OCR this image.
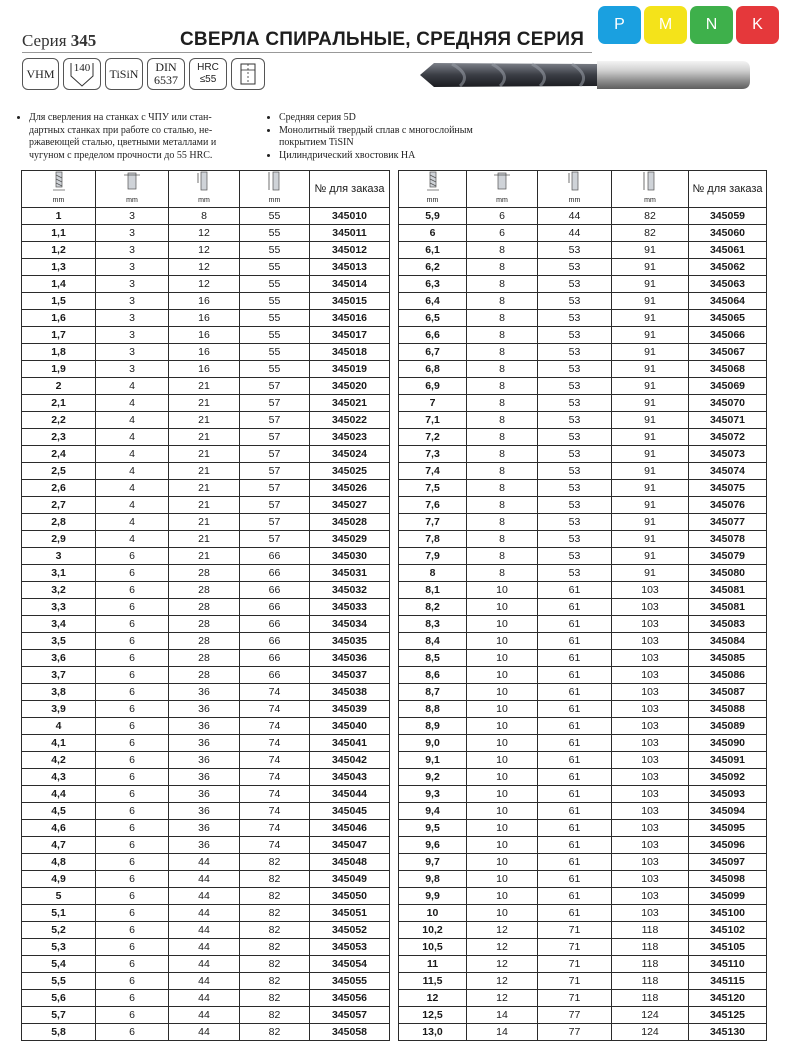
Серия 345	СВЕРЛА СПИРАЛЬНЫЕ, СРЕДНЯЯ СЕРИЯ
P M N K
VHM 140 TiSiN DIN
6537
HRC
≤55
• Для сверления на станках с ЧПУ или стан-
дартных станках при работе со сталью, не-
ржавеющей сталью, цветными металлами и
чугуном с пределом прочности до 55 HRC.
• Средняя серия 5D
• Монолитный твердый сплав с многослойным
покрытием TiSIN
• Цилиндрический хвостовик HA
mm	mm	mm	mm	№ для заказа
1	3	8	55	345010
1,1	3	12	55	345011
1,2	3	12	55	345012
1,3	3	12	55	345013
1,4	3	12	55	345014
1,5	3	16	55	345015
1,6	3	16	55	345016
1,7	3	16	55	345017
1,8	3	16	55	345018
1,9	3	16	55	345019
2	4	21	57	345020
2,1	4	21	57	345021
2,2	4	21	57	345022
2,3	4	21	57	345023
2,4	4	21	57	345024
2,5	4	21	57	345025
2,6	4	21	57	345026
2,7	4	21	57	345027
2,8	4	21	57	345028
2,9	4	21	57	345029
3	6	21	66	345030
3,1	6	28	66	345031
3,2	6	28	66	345032
3,3	6	28	66	345033
3,4	6	28	66	345034
3,5	6	28	66	345035
3,6	6	28	66	345036
3,7	6	28	66	345037
3,8	6	36	74	345038
3,9	6	36	74	345039
4	6	36	74	345040
4,1	6	36	74	345041
4,2	6	36	74	345042
4,3	6	36	74	345043
4,4	6	36	74	345044
4,5	6	36	74	345045
4,6	6	36	74	345046
4,7	6	36	74	345047
4,8	6	44	82	345048
4,9	6	44	82	345049
5	6	44	82	345050
5,1	6	44	82	345051
5,2	6	44	82	345052
5,3	6	44	82	345053
5,4	6	44	82	345054
5,5	6	44	82	345055
5,6	6	44	82	345056
5,7	6	44	82	345057
5,8	6	44	82	345058
mm	mm	mm	mm	№ для заказа
5,9	6	44	82	345059
6	6	44	82	345060
6,1	8	53	91	345061
6,2	8	53	91	345062
6,3	8	53	91	345063
6,4	8	53	91	345064
6,5	8	53	91	345065
6,6	8	53	91	345066
6,7	8	53	91	345067
6,8	8	53	91	345068
6,9	8	53	91	345069
7	8	53	91	345070
7,1	8	53	91	345071
7,2	8	53	91	345072
7,3	8	53	91	345073
7,4	8	53	91	345074
7,5	8	53	91	345075
7,6	8	53	91	345076
7,7	8	53	91	345077
7,8	8	53	91	345078
7,9	8	53	91	345079
8	8	53	91	345080
8,1	10	61	103	345081
8,2	10	61	103	345081
8,3	10	61	103	345083
8,4	10	61	103	345084
8,5	10	61	103	345085
8,6	10	61	103	345086
8,7	10	61	103	345087
8,8	10	61	103	345088
8,9	10	61	103	345089
9,0	10	61	103	345090
9,1	10	61	103	345091
9,2	10	61	103	345092
9,3	10	61	103	345093
9,4	10	61	103	345094
9,5	10	61	103	345095
9,6	10	61	103	345096
9,7	10	61	103	345097
9,8	10	61	103	345098
9,9	10	61	103	345099
10	10	61	103	345100
10,2	12	71	118	345102
10,5	12	71	118	345105
11	12	71	118	345110
11,5	12	71	118	345115
12	12	71	118	345120
12,5	14	77	124	345125
13,0	14	77	124	345130
